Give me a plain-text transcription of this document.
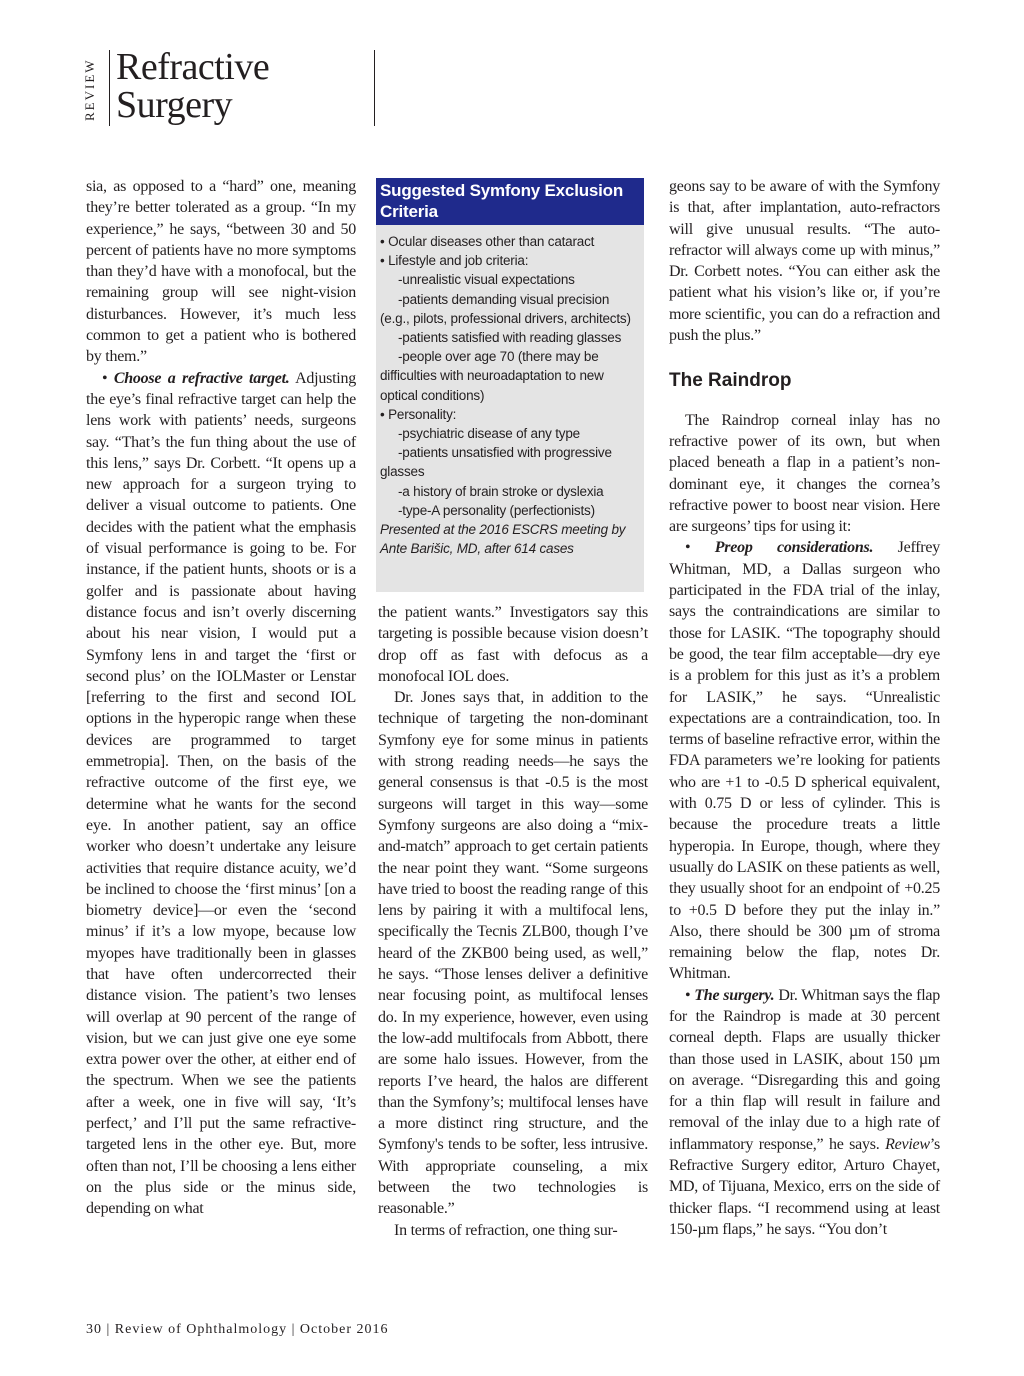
REVIEW Refractive
Surgery

sia, as opposed to a “hard” one, meaning they’re better tolerated as a group. “In my experience,” he says, “between 30 and 50 percent of patients have no more symptoms than they’d have with a monofocal, but the remaining group will see night-vision disturbances. However, it’s much less common to get a patient who is bothered by them.”

• Choose a refractive target. Adjusting the eye’s final refractive target can help the lens work with patients’ needs, surgeons say. “That’s the fun thing about the use of this lens,” says Dr. Corbett. “It opens up a new approach for a surgeon trying to deliver a visual outcome to patients. One decides with the patient what the emphasis of visual performance is going to be. For instance, if the patient hunts, shoots or is a golfer and is passionate about having distance focus and isn’t overly discerning about his near vision, I would put a Symfony lens in and target the ‘first or second plus’ on the IOLMaster or Lenstar [referring to the first and second IOL options in the hyperopic range when these devices are programmed to target emmetropia]. Then, on the basis of the refractive outcome of the first eye, we determine what he wants for the second eye. In another patient, say an office worker who doesn’t undertake any leisure activities that require distance acuity, we’d be inclined to choose the ‘first minus’ [on a biometry device]—or even the ‘second minus’ if it’s a low myope, because low myopes have traditionally been in glasses that have often undercorrected their distance vision. The patient’s two lenses will overlap at 90 percent of the range of vision, but we can just give one eye some extra power over the other, at either end of the spectrum. When we see the patients after a week, one in five will say, ‘It’s perfect,’ and I’ll put the same refractive-targeted lens in the other eye. But, more often than not, I’ll be choosing a lens either on the plus side or the minus side, depending on what

Suggested Symfony Exclusion Criteria
• Ocular diseases other than cataract
• Lifestyle and job criteria:
-unrealistic visual expectations
-patients demanding visual precision (e.g., pilots, professional drivers, architects)
-patients satisfied with reading glasses
-people over age 70 (there may be difficulties with neuroadaptation to new optical conditions)
• Personality:
-psychiatric disease of any type
-patients unsatisfied with progressive glasses
-a history of brain stroke or dyslexia
-type-A personality (perfectionists)
Presented at the 2016 ESCRS meeting by Ante Barišic, MD, after 614 cases

the patient wants.” Investigators say this targeting is possible because vision doesn’t drop off as fast with defocus as a monofocal IOL does.

Dr. Jones says that, in addition to the technique of targeting the non-dominant Symfony eye for some minus in patients with strong reading needs—he says the general consensus is that -0.5 is the most surgeons will target in this way—some Symfony surgeons are also doing a “mix-and-match” approach to get certain patients the near point they want. “Some surgeons have tried to boost the reading range of this lens by pairing it with a multifocal lens, specifically the Tecnis ZLB00, though I’ve heard of the ZKB00 being used, as well,” he says. “Those lenses deliver a definitive near focusing point, as multifocal lenses do. In my experience, however, even using the low-add multifocals from Abbott, there are some halo issues. However, from the reports I’ve heard, the halos are different than the Symfony’s; multifocal lenses have a more distinct ring structure, and the Symfony's tends to be softer, less intrusive. With appropriate counseling, a mix between the two technologies is reasonable.”

In terms of refraction, one thing sur-

geons say to be aware of with the Symfony is that, after implantation, auto-refractors will give unusual results. “The auto-refractor will always come up with minus,” Dr. Corbett notes. “You can either ask the patient what his vision’s like or, if you’re more scientific, you can do a refraction and push the plus.”

The Raindrop

The Raindrop corneal inlay has no refractive power of its own, but when placed beneath a flap in a patient’s non-dominant eye, it changes the cornea’s refractive power to boost near vision. Here are surgeons’ tips for using it:

• Preop considerations. Jeffrey Whitman, MD, a Dallas surgeon who participated in the FDA trial of the inlay, says the contraindications are similar to those for LASIK. “The topography should be good, the tear film acceptable—dry eye is a problem for this just as it’s a problem for LASIK,” he says. “Unrealistic expectations are a contraindication, too. In terms of baseline refractive error, within the FDA parameters we’re looking for patients who are +1 to -0.5 D spherical equivalent, with 0.75 D or less of cylinder. This is because the procedure treats a little hyperopia. In Europe, though, where they usually do LASIK on these patients as well, they usually shoot for an endpoint of +0.25 to +0.5 D before they put the inlay in.” Also, there should be 300 µm of stroma remaining below the flap, notes Dr. Whitman.

• The surgery. Dr. Whitman says the flap for the Raindrop is made at 30 percent corneal depth. Flaps are usually thicker than those used in LASIK, about 150 µm on average. “Disregarding this and going for a thin flap will result in failure and removal of the inlay due to a high rate of inflammatory response,” he says. Review’s Refractive Surgery editor, Arturo Chayet, MD, of Tijuana, Mexico, errs on the side of thicker flaps. “I recommend using at least 150-µm flaps,” he says. “You don’t

30 | Review of Ophthalmology | October 2016
